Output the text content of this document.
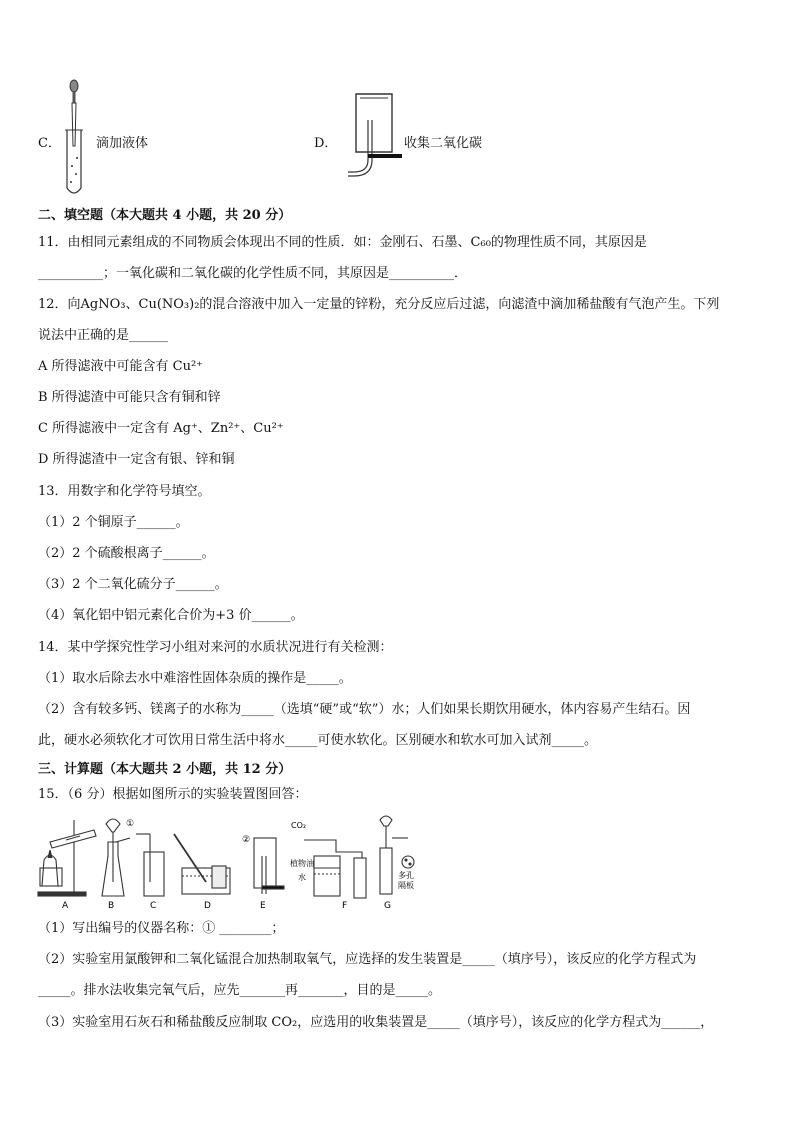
C．	滴加液体	D．	收集二氧化碳
二、填空题（本大题共 4 小题，共 20 分）
11．由相同元素组成的不同物质会体现出不同的性质．如：金刚石、石墨、C₆₀的物理性质不同，其原因是
__________；一氧化碳和二氧化碳的化学性质不同，其原因是__________．
12．向AgNO₃、Cu(NO₃)₂的混合溶液中加入一定量的锌粉，充分反应后过滤，向滤渣中滴加稀盐酸有气泡产生。下列
说法中正确的是______
A 所得滤液中可能含有 Cu²⁺
B 所得滤渣中可能只含有铜和锌
C 所得滤液中一定含有 Ag⁺、Zn²⁺、Cu²⁺
D 所得滤渣中一定含有银、锌和铜
13．用数字和化学符号填空。
（1）2 个铜原子______。
（2）2 个硫酸根离子______。
（3）2 个二氧化硫分子______。
（4）氧化铝中铝元素化合价为+3 价______。
14．某中学探究性学习小组对来河的水质状况进行有关检测：
（1）取水后除去水中难溶性固体杂质的操作是_____。
（2）含有较多钙、镁离子的水称为_____（选填“硬”或“软”）水；人们如果长期饮用硬水，体内容易产生结石。因
此，硬水必须软化才可饮用日常生活中将水_____可使水软化。区别硬水和软水可加入试剂_____。
三、计算题（本大题共 2 小题，共 12 分）
15．（6 分）根据如图所示的实验装置图回答：
A
①
B	C	D
②
E
CO₂
植物油
水
F
多孔
隔板
G
（1）写出编号的仪器名称：① ________；
（2）实验室用氯酸钾和二氧化锰混合加热制取氧气，应选择的发生装置是_____（填序号），该反应的化学方程式为
_____。排水法收集完氧气后，应先_______再_______，目的是_____。
（3）实验室用石灰石和稀盐酸反应制取 CO₂，应选用的收集装置是_____（填序号），该反应的化学方程式为______，
